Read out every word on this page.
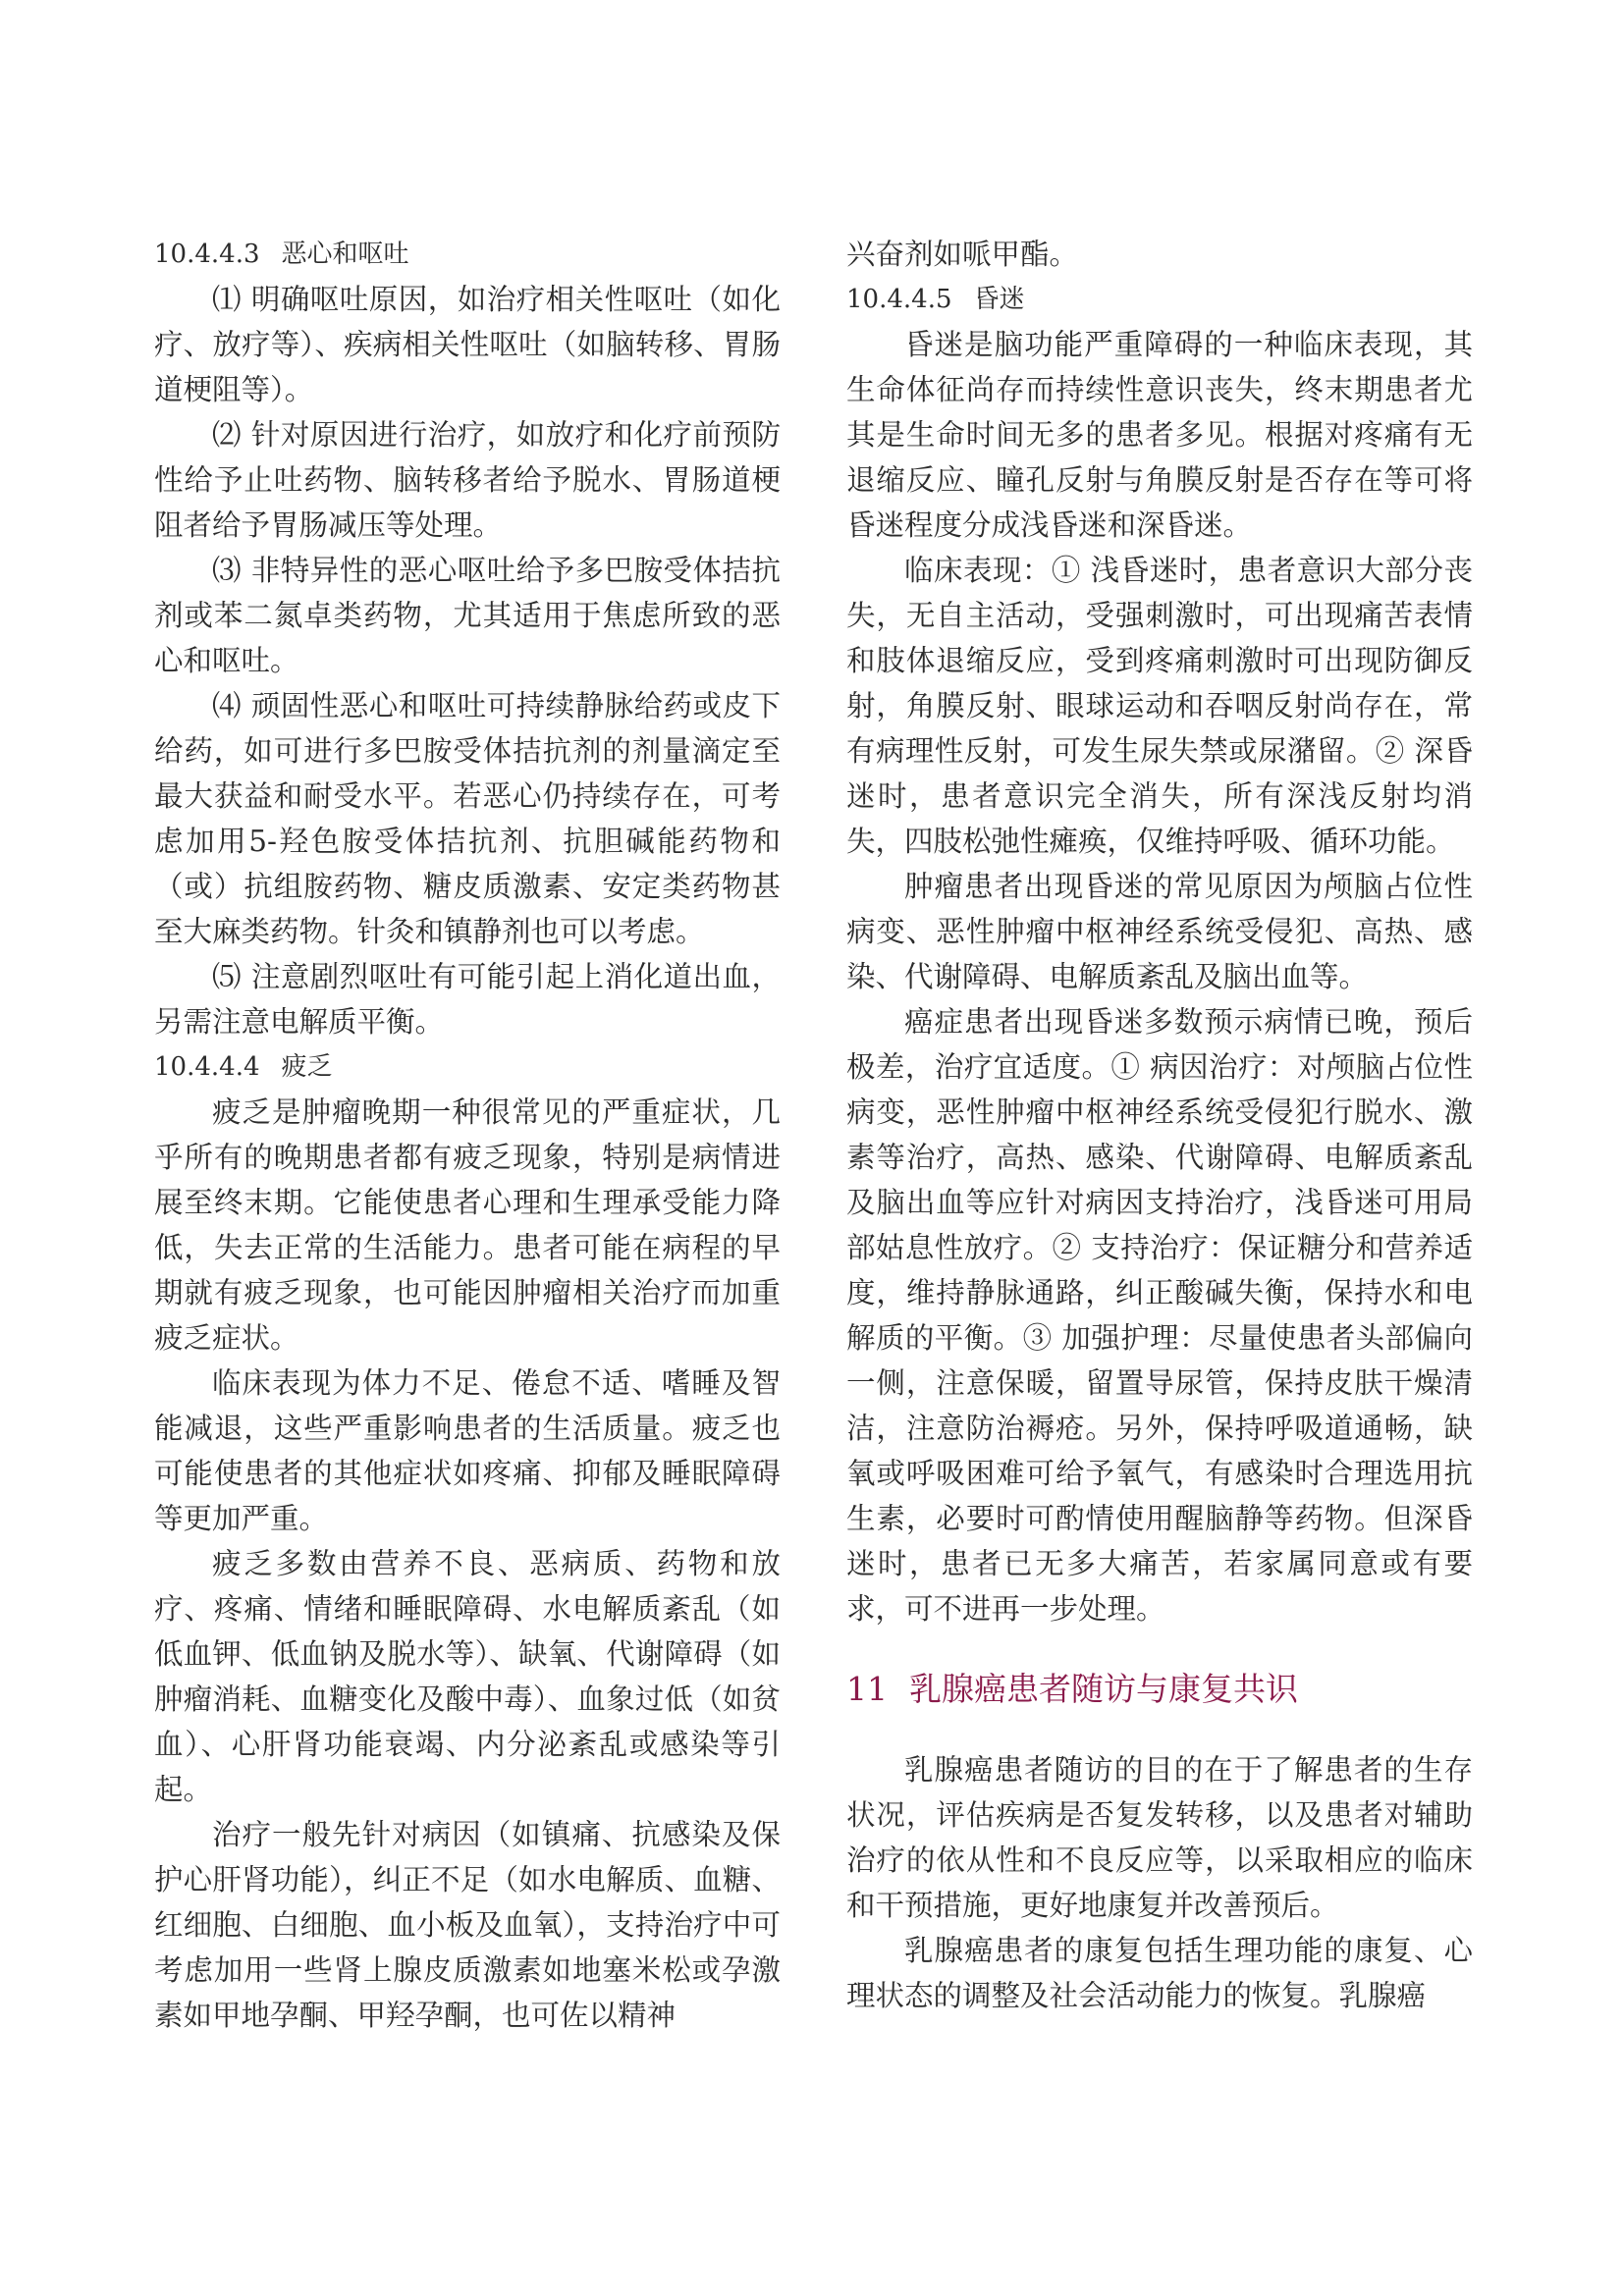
10.4.4.3 恶心和呕吐

⑴ 明确呕吐原因，如治疗相关性呕吐（如化疗、放疗等）、疾病相关性呕吐（如脑转移、胃肠道梗阻等）。

⑵ 针对原因进行治疗，如放疗和化疗前预防性给予止吐药物、脑转移者给予脱水、胃肠道梗阻者给予胃肠减压等处理。

⑶ 非特异性的恶心呕吐给予多巴胺受体拮抗剂或苯二氮卓类药物，尤其适用于焦虑所致的恶心和呕吐。

⑷ 顽固性恶心和呕吐可持续静脉给药或皮下给药，如可进行多巴胺受体拮抗剂的剂量滴定至最大获益和耐受水平。若恶心仍持续存在，可考虑加用5-羟色胺受体拮抗剂、抗胆碱能药物和（或）抗组胺药物、糖皮质激素、安定类药物甚至大麻类药物。针灸和镇静剂也可以考虑。

⑸ 注意剧烈呕吐有可能引起上消化道出血，另需注意电解质平衡。

10.4.4.4 疲乏

疲乏是肿瘤晚期一种很常见的严重症状，几乎所有的晚期患者都有疲乏现象，特别是病情进展至终末期。它能使患者心理和生理承受能力降低，失去正常的生活能力。患者可能在病程的早期就有疲乏现象，也可能因肿瘤相关治疗而加重疲乏症状。

临床表现为体力不足、倦怠不适、嗜睡及智能减退，这些严重影响患者的生活质量。疲乏也可能使患者的其他症状如疼痛、抑郁及睡眠障碍等更加严重。

疲乏多数由营养不良、恶病质、药物和放疗、疼痛、情绪和睡眠障碍、水电解质紊乱（如低血钾、低血钠及脱水等）、缺氧、代谢障碍（如肿瘤消耗、血糖变化及酸中毒）、血象过低（如贫血）、心肝肾功能衰竭、内分泌紊乱或感染等引起。

治疗一般先针对病因（如镇痛、抗感染及保护心肝肾功能），纠正不足（如水电解质、血糖、红细胞、白细胞、血小板及血氧），支持治疗中可考虑加用一些肾上腺皮质激素如地塞米松或孕激素如甲地孕酮、甲羟孕酮，也可佐以精神

兴奋剂如哌甲酯。

10.4.4.5 昏迷

昏迷是脑功能严重障碍的一种临床表现，其生命体征尚存而持续性意识丧失，终末期患者尤其是生命时间无多的患者多见。根据对疼痛有无退缩反应、瞳孔反射与角膜反射是否存在等可将昏迷程度分成浅昏迷和深昏迷。

临床表现：① 浅昏迷时，患者意识大部分丧失，无自主活动，受强刺激时，可出现痛苦表情和肢体退缩反应，受到疼痛刺激时可出现防御反射，角膜反射、眼球运动和吞咽反射尚存在，常有病理性反射，可发生尿失禁或尿潴留。② 深昏迷时，患者意识完全消失，所有深浅反射均消失，四肢松弛性瘫痪，仅维持呼吸、循环功能。

肿瘤患者出现昏迷的常见原因为颅脑占位性病变、恶性肿瘤中枢神经系统受侵犯、高热、感染、代谢障碍、电解质紊乱及脑出血等。

癌症患者出现昏迷多数预示病情已晚，预后极差，治疗宜适度。① 病因治疗：对颅脑占位性病变，恶性肿瘤中枢神经系统受侵犯行脱水、激素等治疗，高热、感染、代谢障碍、电解质紊乱及脑出血等应针对病因支持治疗，浅昏迷可用局部姑息性放疗。② 支持治疗：保证糖分和营养适度，维持静脉通路，纠正酸碱失衡，保持水和电解质的平衡。③ 加强护理：尽量使患者头部偏向一侧，注意保暖，留置导尿管，保持皮肤干燥清洁，注意防治褥疮。另外，保持呼吸道通畅，缺氧或呼吸困难可给予氧气，有感染时合理选用抗生素，必要时可酌情使用醒脑静等药物。但深昏迷时，患者已无多大痛苦，若家属同意或有要求，可不进再一步处理。

11 乳腺癌患者随访与康复共识

乳腺癌患者随访的目的在于了解患者的生存状况，评估疾病是否复发转移，以及患者对辅助治疗的依从性和不良反应等，以采取相应的临床和干预措施，更好地康复并改善预后。

乳腺癌患者的康复包括生理功能的康复、心理状态的调整及社会活动能力的恢复。乳腺癌
